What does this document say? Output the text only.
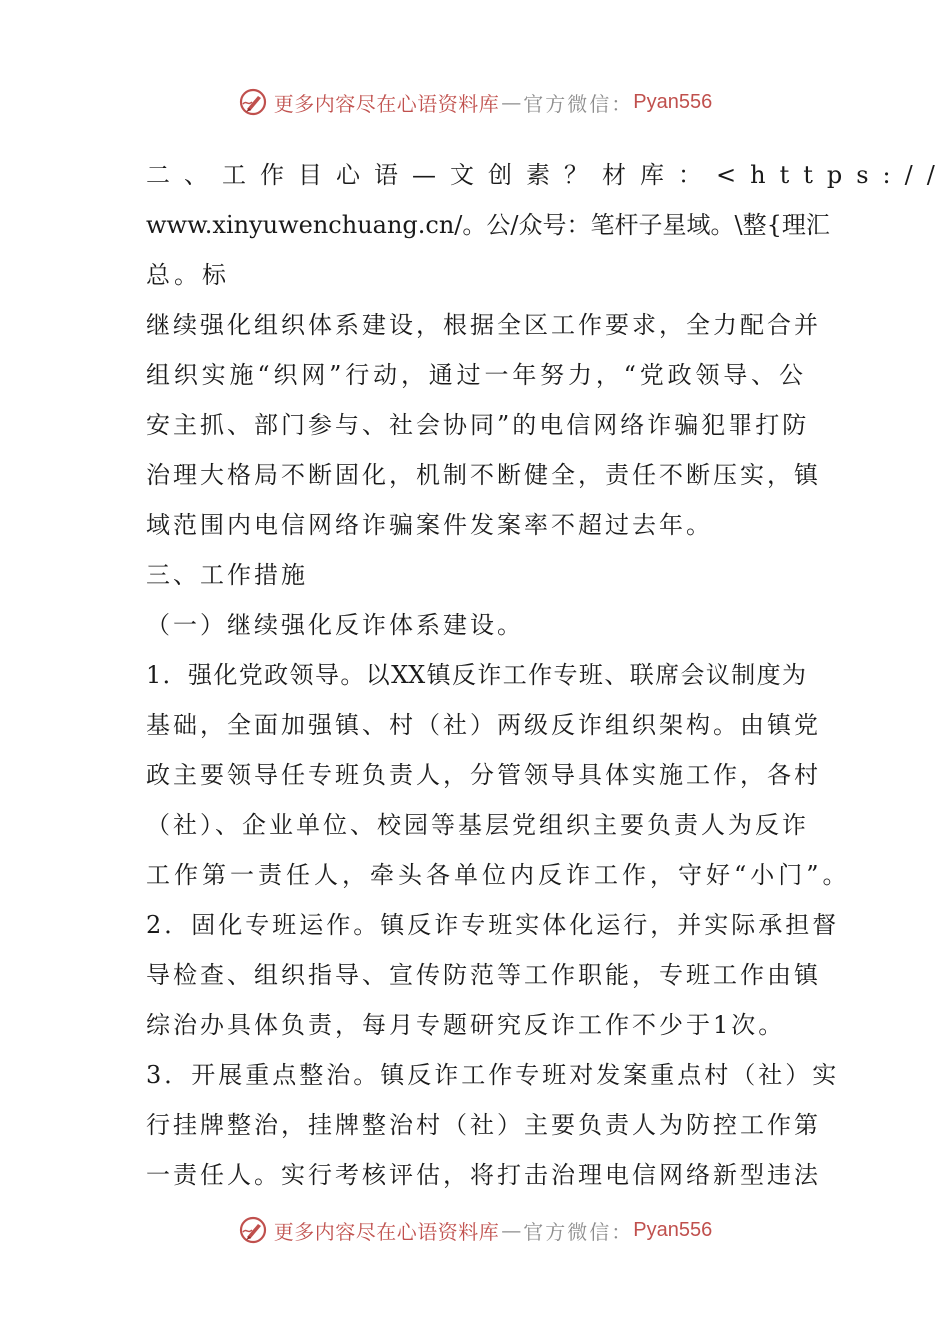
更多内容尽在心语资料库 — 官方微信： Pyan556
二、工作目心语—文创素？材库：<https://
www.xinyuwenchuang.cn/。公/众号：笔杆子星域。\整{理汇
总。标
继续强化组织体系建设，根据全区工作要求，全力配合并
组织实施“织网”行动，通过一年努力，“党政领导、公
安主抓、部门参与、社会协同”的电信网络诈骗犯罪打防
治理大格局不断固化，机制不断健全，责任不断压实，镇
域范围内电信网络诈骗案件发案率不超过去年。
三、工作措施
（一）继续强化反诈体系建设。
1．强化党政领导。以XX镇反诈工作专班、联席会议制度为
基础，全面加强镇、村（社）两级反诈组织架构。由镇党
政主要领导任专班负责人，分管领导具体实施工作，各村
（社）、企业单位、校园等基层党组织主要负责人为反诈
工作第一责任人，牵头各单位内反诈工作，守好“小门”。
2．固化专班运作。镇反诈专班实体化运行，并实际承担督
导检查、组织指导、宣传防范等工作职能，专班工作由镇
综治办具体负责，每月专题研究反诈工作不少于1次。
3．开展重点整治。镇反诈工作专班对发案重点村（社）实
行挂牌整治，挂牌整治村（社）主要负责人为防控工作第
一责任人。实行考核评估，将打击治理电信网络新型违法
更多内容尽在心语资料库 — 官方微信： Pyan556
